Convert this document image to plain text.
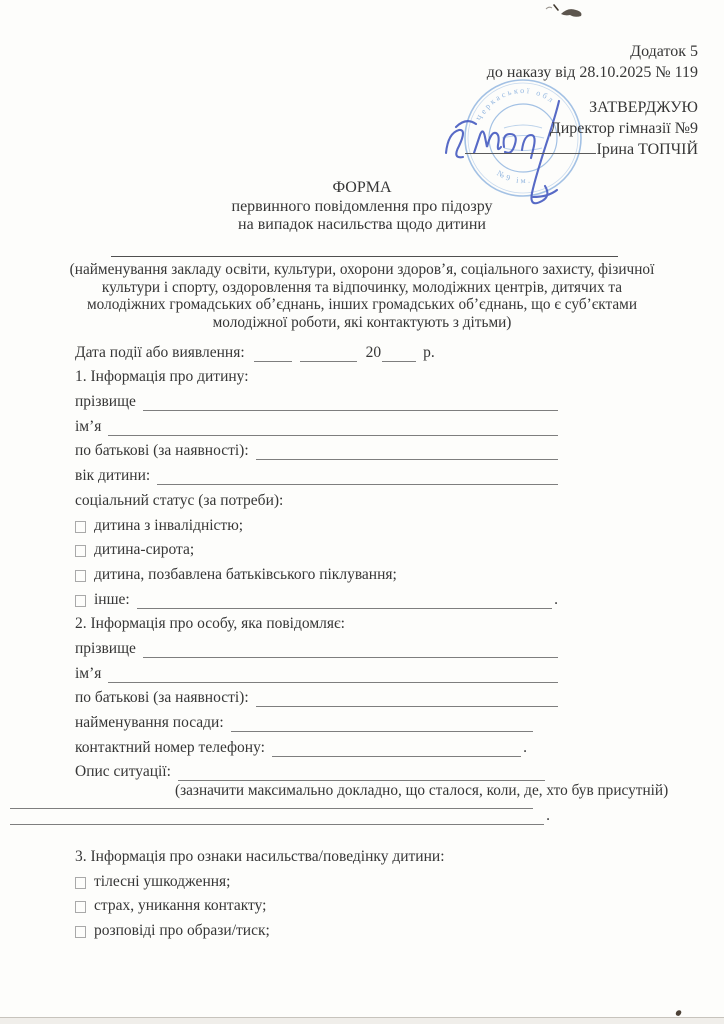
Черкаської обл
№9 ім.
Додаток 5
до наказу від 28.10.2025 № 119
ЗАТВЕРДЖУЮ
Директор гімназії №9
Ірина ТОПЧІЙ
ФОРМА
первинного повідомлення про підозру
на випадок насильства щодо дитини
(найменування закладу освіти, культури, охорони здоров’я, соціального захисту, фізичної культури і спорту, оздоровлення та відпочинку, молодіжних центрів, дитячих та молодіжних громадських об’єднань, інших громадських об’єднань, що є суб’єктами молодіжної роботи, які контактують з дітьми)
Дата події або виявлення:	20	р.
1. Інформація про дитину:
прізвище
ім’я
по батькові (за наявності):
вік дитини:
соціальний статус (за потреби):
дитина з інвалідністю;
дитина-сирота;
дитина, позбавлена батьківського піклування;
інше:	.
2. Інформація про особу, яка повідомляє:
прізвище
ім’я
по батькові (за наявності):
найменування посади:
контактний номер телефону:	.
Опис ситуації:
(зазначити максимально докладно, що сталося, коли, де, хто був присутній)
.
3. Інформація про ознаки насильства/поведінку дитини:
тілесні ушкодження;
страх, уникання контакту;
розповіді про образи/тиск;
